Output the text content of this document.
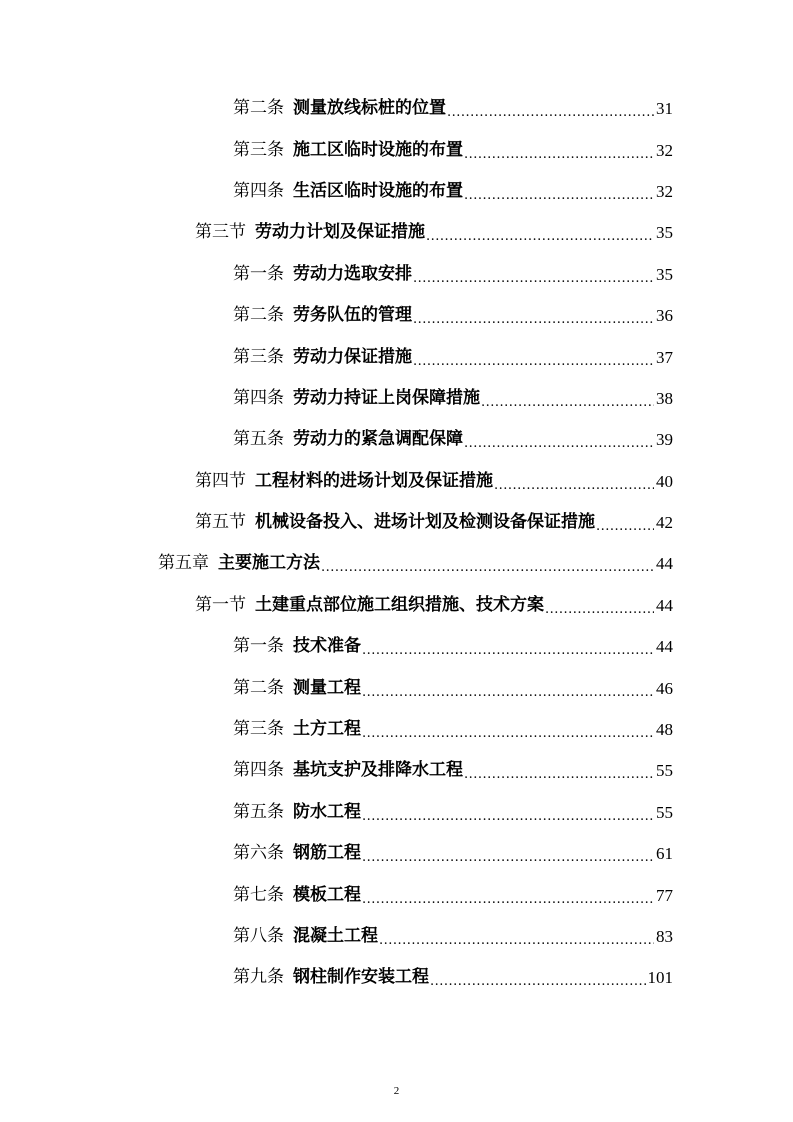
第二条 测量放线标桩的位置 .....	31
第三条 施工区临时设施的布置 .....	32
第四条 生活区临时设施的布置 .....	32
第三节 劳动力计划及保证措施 .....	35
第一条 劳动力选取安排 .....	35
第二条 劳务队伍的管理 .....	36
第三条 劳动力保证措施 .....	37
第四条 劳动力持证上岗保障措施 .....	38
第五条 劳动力的紧急调配保障 .....	39
第四节 工程材料的进场计划及保证措施 .....	40
第五节 机械设备投入、进场计划及检测设备保证措施 .....	42
第五章 主要施工方法 .....	44
第一节 土建重点部位施工组织措施、技术方案 .....	44
第一条 技术准备 .....	44
第二条 测量工程 .....	46
第三条 土方工程 .....	48
第四条 基坑支护及排降水工程 .....	55
第五条 防水工程 .....	55
第六条 钢筋工程 .....	61
第七条 模板工程 .....	77
第八条 混凝土工程 .....	83
第九条 钢柱制作安装工程 .....	101
2
